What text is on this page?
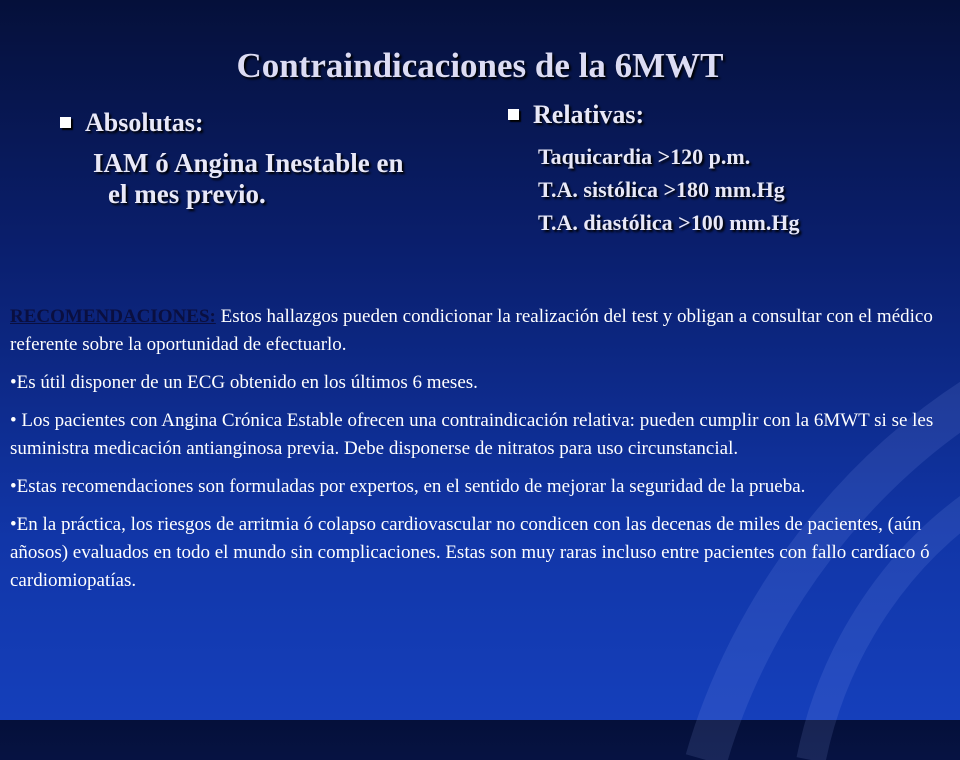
Contraindicaciones de la 6MWT
Absolutas:
IAM ó Angina Inestable en
el mes previo.
Relativas:
Taquicardia >120 p.m.
T.A. sistólica >180 mm.Hg
T.A. diastólica >100 mm.Hg

RECOMENDACIONES: Estos hallazgos pueden condicionar la realización del test y obligan a consultar con el médico referente sobre la oportunidad de efectuarlo.

•Es útil disponer de un ECG obtenido en los últimos 6 meses.

• Los pacientes con Angina Crónica Estable ofrecen una contraindicación relativa: pueden cumplir con la 6MWT si se les suministra medicación antianginosa previa. Debe disponerse de nitratos para uso circunstancial.

•Estas recomendaciones son formuladas por expertos, en el sentido de mejorar la seguridad de la prueba.

•En la práctica, los riesgos de arritmia ó colapso cardiovascular no condicen con las decenas de miles de pacientes, (aún añosos) evaluados en todo el mundo sin complicaciones. Estas son muy raras incluso entre pacientes con fallo cardíaco ó cardiomiopatías.
